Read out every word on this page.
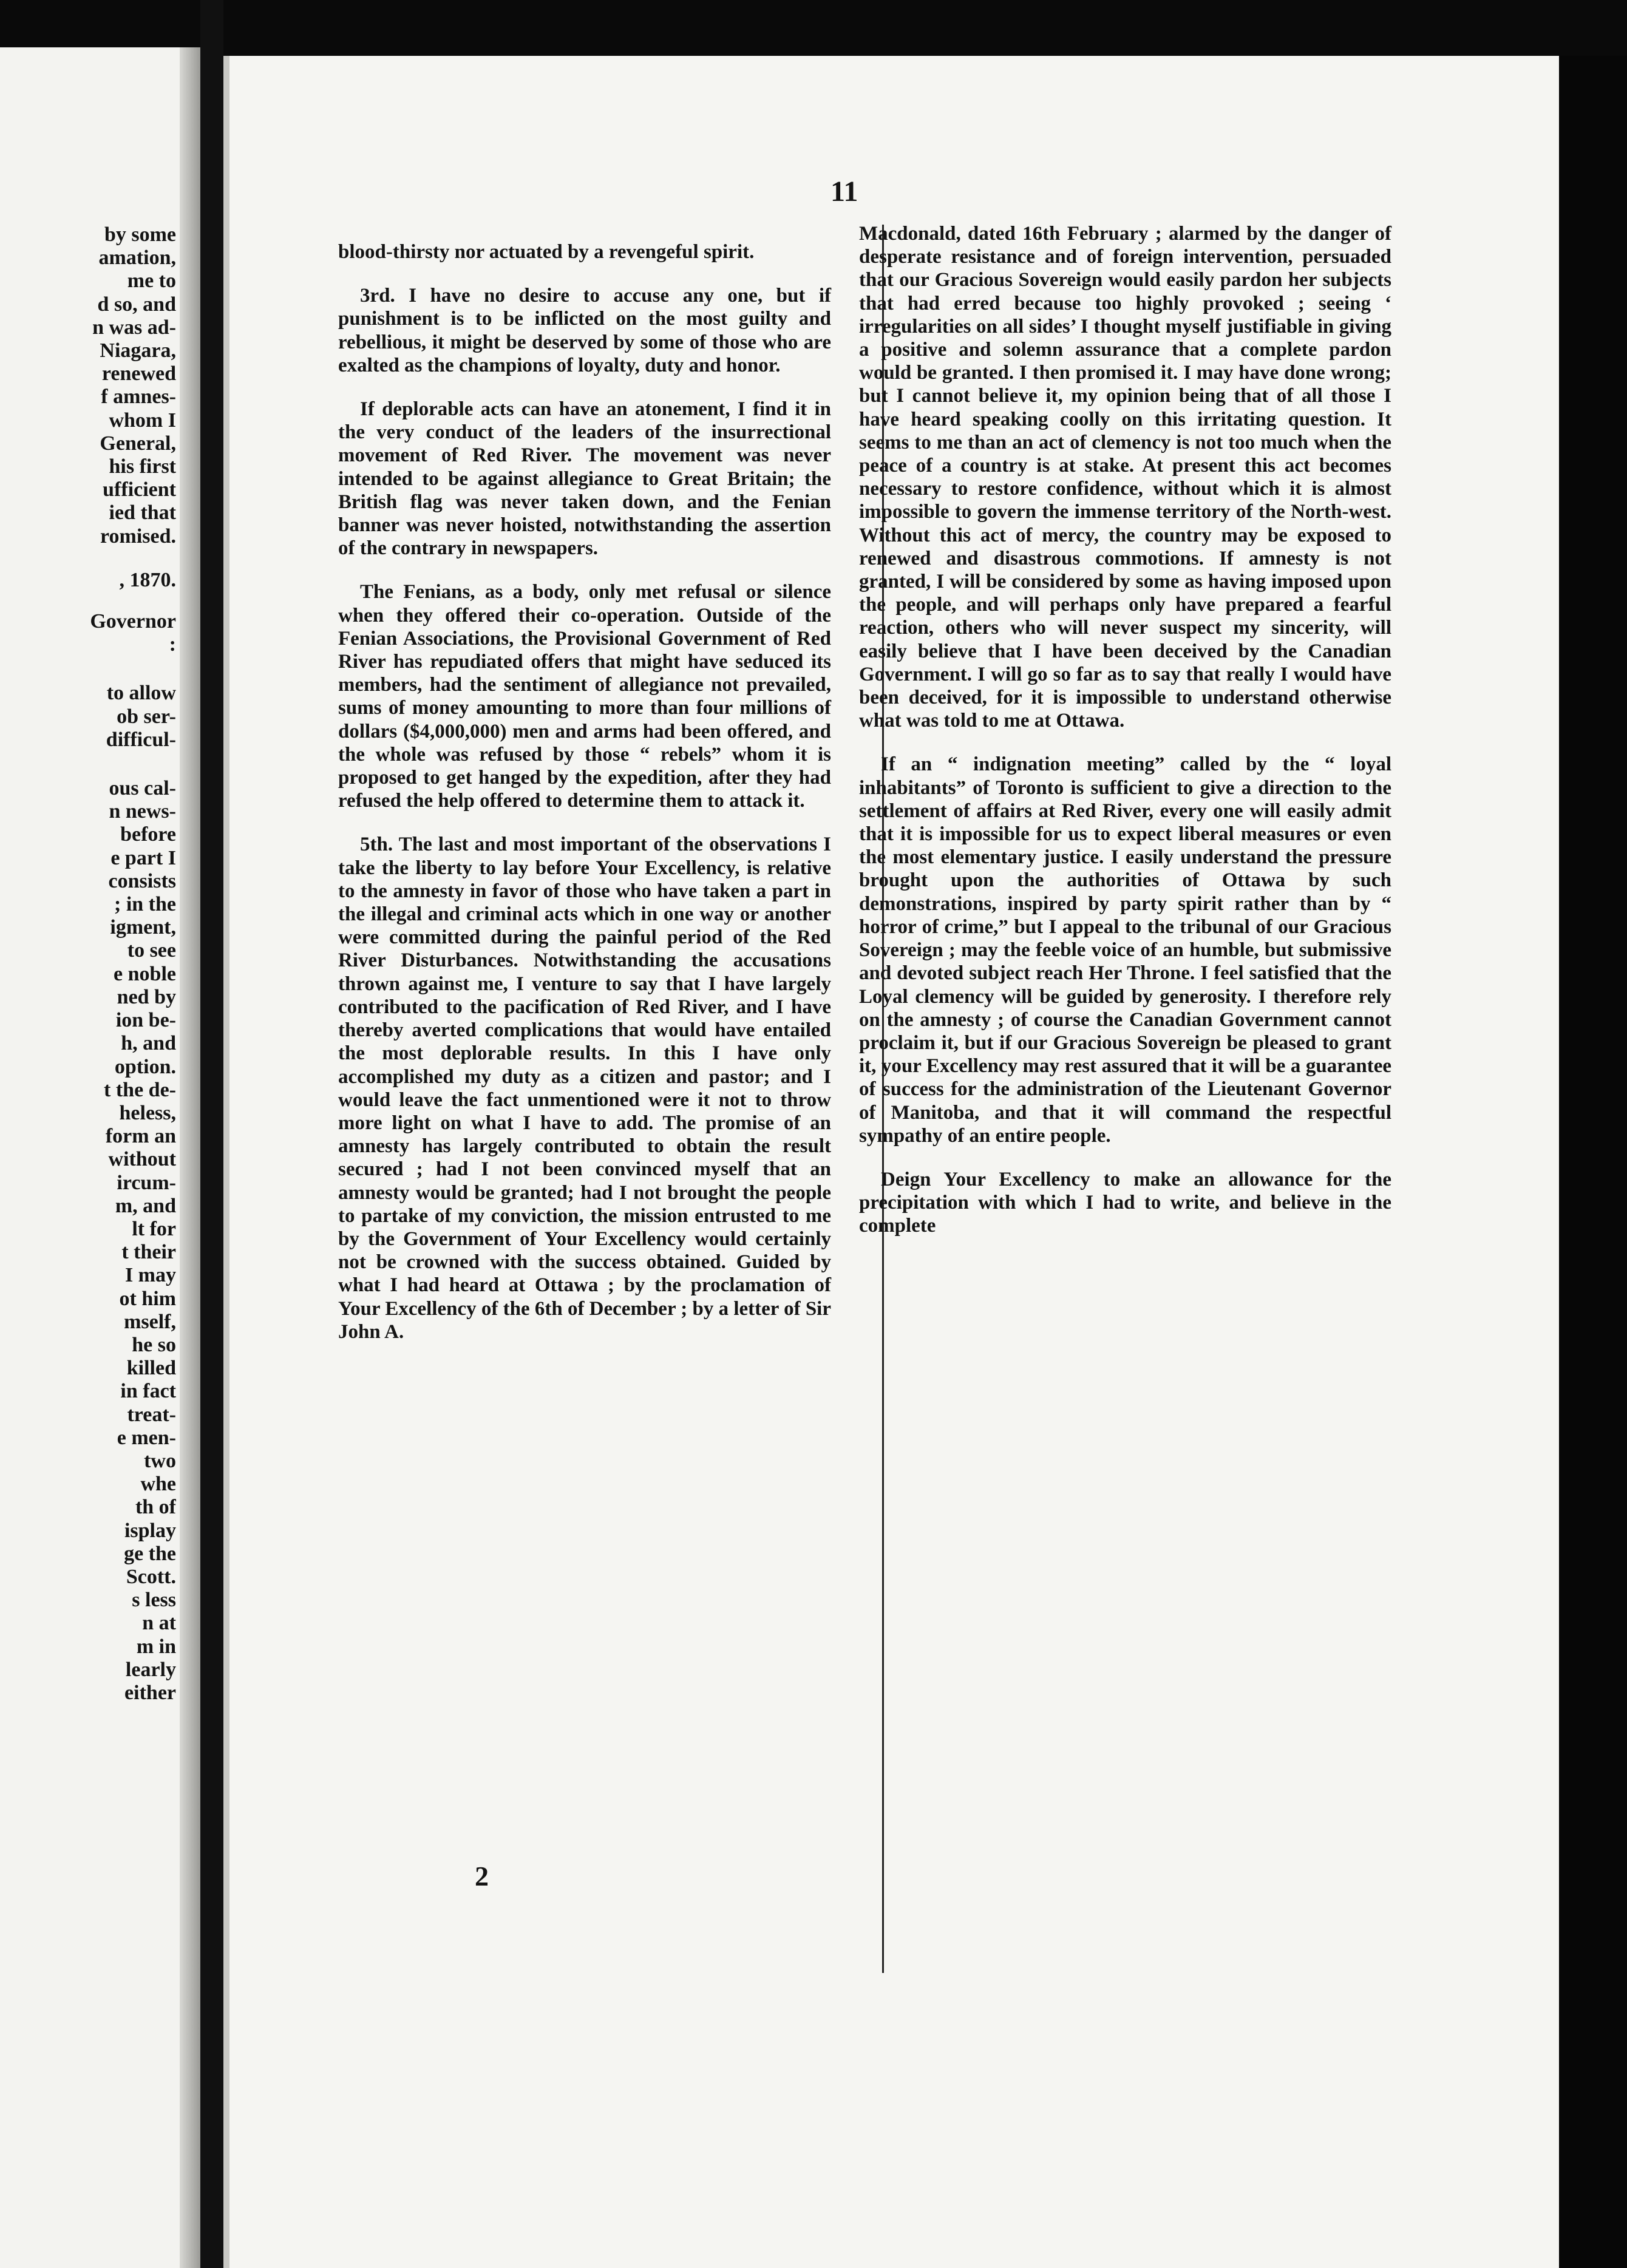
by some
amation,
me to
d so, and
n was ad-
Niagara,
renewed
f amnes-
whom I
General,
his first
ufficient
ied that
romised.
, 1870.
Governor
:
to allow
ob ser-
difficul-
ous cal-
n news-
before
e part I
consists
; in the
igment,
to see
e noble
ned by
ion be-
h, and
option.
t the de-
heless,
form an
without
ircum-
m, and
lt for
t their
I may
ot him
mself,
he so
killed
in fact
treat-
e men-
two
whe
th of
isplay
ge the
Scott.
s less
n at
m in
learly
either
11

blood-thirsty nor actuated by a revengeful spirit.

3rd. I have no desire to accuse any one, but if punishment is to be inflicted on the most guilty and rebellious, it might be deserved by some of those who are exalted as the champions of loyalty, duty and honor.

If deplorable acts can have an atonement, I find it in the very conduct of the leaders of the insurrectional movement of Red River. The movement was never intended to be against allegiance to Great Britain; the British flag was never taken down, and the Fenian banner was never hoisted, notwithstanding the assertion of the contrary in newspapers.

The Fenians, as a body, only met refusal or silence when they offered their co-operation. Outside of the Fenian Associations, the Provisional Government of Red River has repudiated offers that might have seduced its members, had the sentiment of allegiance not prevailed, sums of money amounting to more than four millions of dollars ($4,000,000) men and arms had been offered, and the whole was refused by those “ rebels” whom it is proposed to get hanged by the expedition, after they had refused the help offered to determine them to attack it.

5th. The last and most important of the observations I take the liberty to lay before Your Excellency, is relative to the amnesty in favor of those who have taken a part in the illegal and criminal acts which in one way or another were committed during the painful period of the Red River Disturbances. Notwithstanding the accusations thrown against me, I venture to say that I have largely contributed to the pacification of Red River, and I have thereby averted complications that would have entailed the most deplorable results. In this I have only accomplished my duty as a citizen and pastor; and I would leave the fact unmentioned were it not to throw more light on what I have to add. The promise of an amnesty has largely contributed to obtain the result secured ; had I not been convinced myself that an amnesty would be granted; had I not brought the people to partake of my conviction, the mission entrusted to me by the Government of Your Excellency would certainly not be crowned with the success obtained. Guided by what I had heard at Ottawa ; by the proclamation of Your Excellency of the 6th of December ; by a letter of Sir John A.

Macdonald, dated 16th February ; alarmed by the danger of desperate resistance and of foreign intervention, persuaded that our Gracious Sovereign would easily pardon her subjects that had erred because too highly provoked ; seeing ‘ irregularities on all sides’ I thought myself justifiable in giving a positive and solemn assurance that a complete pardon would be granted. I then promised it. I may have done wrong; but I cannot believe it, my opinion being that of all those I have heard speaking coolly on this irritating question. It seems to me than an act of clemency is not too much when the peace of a country is at stake. At present this act becomes necessary to restore confidence, without which it is almost impossible to govern the immense territory of the North-west. Without this act of mercy, the country may be exposed to renewed and disastrous commotions. If amnesty is not granted, I will be considered by some as having imposed upon the people, and will perhaps only have prepared a fearful reaction, others who will never suspect my sincerity, will easily believe that I have been deceived by the Canadian Government. I will go so far as to say that really I would have been deceived, for it is impossible to understand otherwise what was told to me at Ottawa.

If an “ indignation meeting” called by the “ loyal inhabitants” of Toronto is sufficient to give a direction to the settlement of affairs at Red River, every one will easily admit that it is impossible for us to expect liberal measures or even the most elementary justice. I easily understand the pressure brought upon the authorities of Ottawa by such demonstrations, inspired by party spirit rather than by “ horror of crime,” but I appeal to the tribunal of our Gracious Sovereign ; may the feeble voice of an humble, but submissive and devoted subject reach Her Throne. I feel satisfied that the Loyal clemency will be guided by generosity. I therefore rely on the amnesty ; of course the Canadian Government cannot proclaim it, but if our Gracious Sovereign be pleased to grant it, your Excellency may rest assured that it will be a guarantee of success for the administration of the Lieutenant Governor of Manitoba, and that it will command the respectful sympathy of an entire people.

Deign Your Excellency to make an allowance for the precipitation with which I had to write, and believe in the complete

2
